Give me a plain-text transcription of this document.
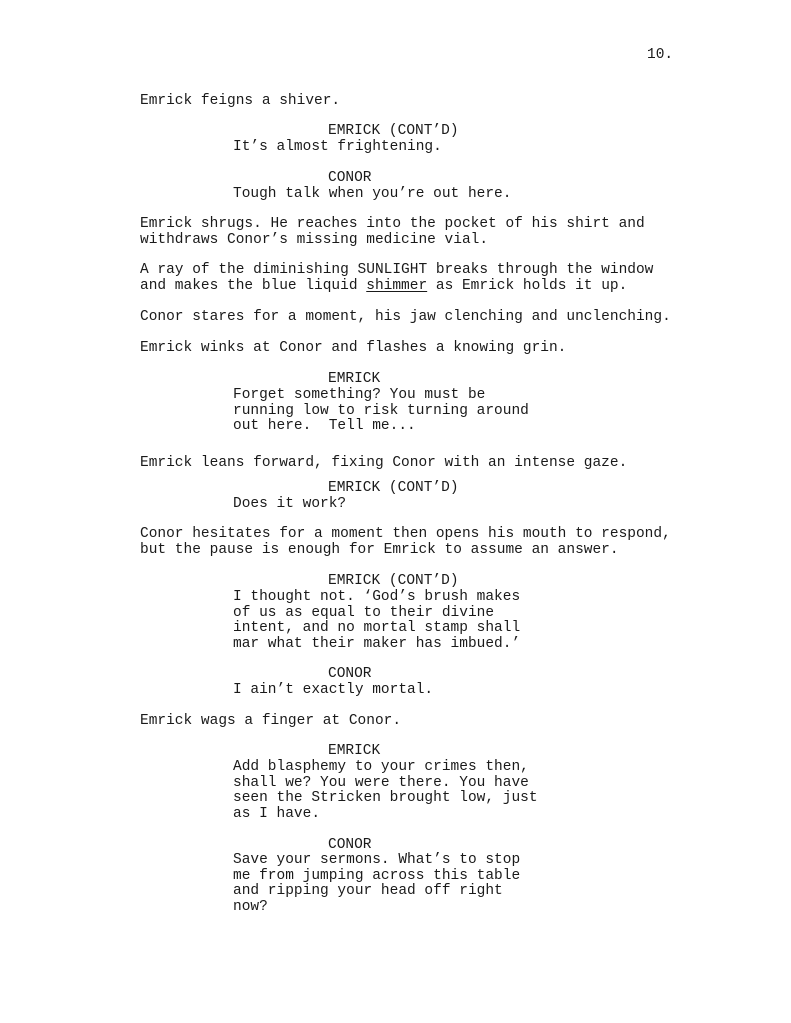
10.
Emrick feigns a shiver.
EMRICK (CONT’D)
It’s almost frightening.
CONOR
Tough talk when you’re out here.
Emrick shrugs. He reaches into the pocket of his shirt and
withdraws Conor’s missing medicine vial.
A ray of the diminishing SUNLIGHT breaks through the window
and makes the blue liquid shimmer as Emrick holds it up.
Conor stares for a moment, his jaw clenching and unclenching.
Emrick winks at Conor and flashes a knowing grin.
EMRICK
Forget something? You must be
running low to risk turning around
out here.  Tell me...
Emrick leans forward, fixing Conor with an intense gaze.
EMRICK (CONT’D)
Does it work?
Conor hesitates for a moment then opens his mouth to respond,
but the pause is enough for Emrick to assume an answer.
EMRICK (CONT’D)
I thought not. ‘God’s brush makes
of us as equal to their divine
intent, and no mortal stamp shall
mar what their maker has imbued.’
CONOR
I ain’t exactly mortal.
Emrick wags a finger at Conor.
EMRICK
Add blasphemy to your crimes then,
shall we? You were there. You have
seen the Stricken brought low, just
as I have.
CONOR
Save your sermons. What’s to stop
me from jumping across this table
and ripping your head off right
now?
